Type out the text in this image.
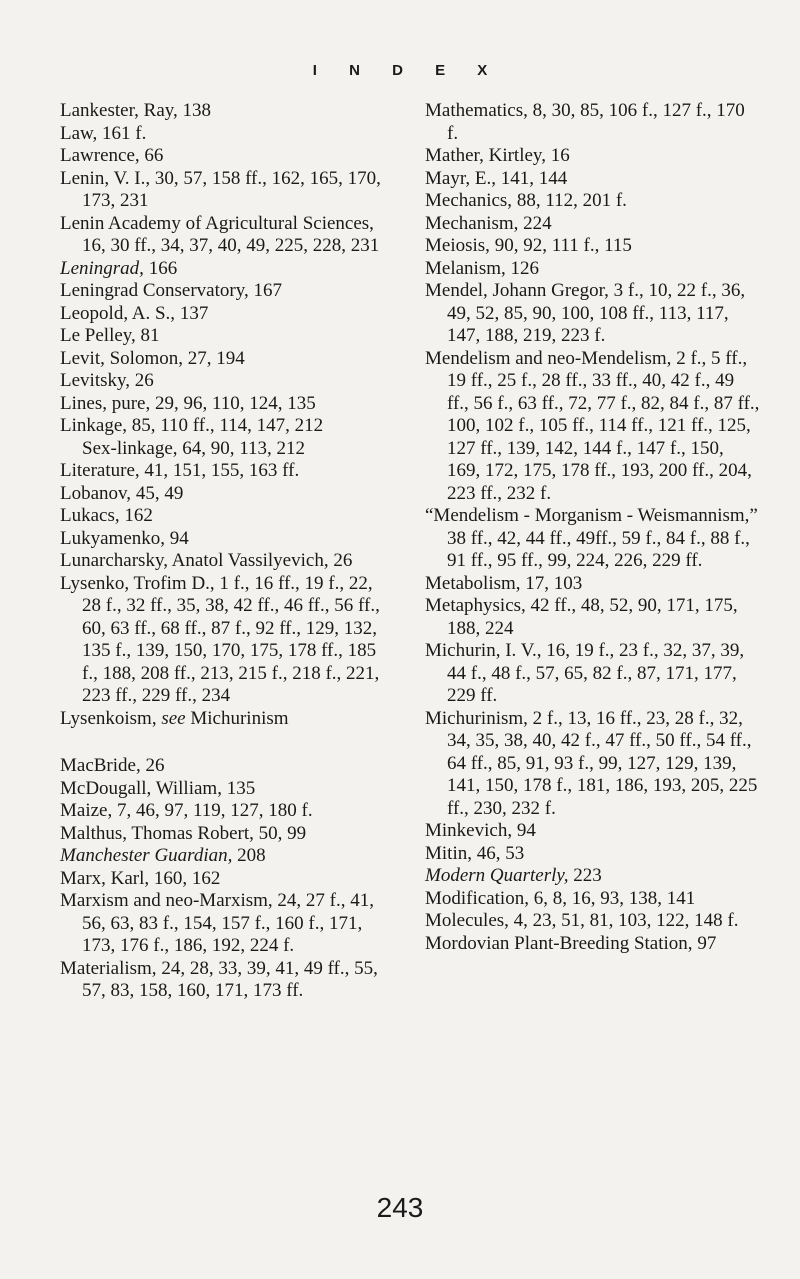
I N D E X
Lankester, Ray, 138
Law, 161 f.
Lawrence, 66
Lenin, V. I., 30, 57, 158 ff., 162, 165, 170, 173, 231
Lenin Academy of Agricultural Sciences, 16, 30 ff., 34, 37, 40, 49, 225, 228, 231
Leningrad, 166
Leningrad Conservatory, 167
Leopold, A. S., 137
Le Pelley, 81
Levit, Solomon, 27, 194
Levitsky, 26
Lines, pure, 29, 96, 110, 124, 135
Linkage, 85, 110 ff., 114, 147, 212
Sex-linkage, 64, 90, 113, 212
Literature, 41, 151, 155, 163 ff.
Lobanov, 45, 49
Lukacs, 162
Lukyamenko, 94
Lunarcharsky, Anatol Vassilyevich, 26
Lysenko, Trofim D., 1 f., 16 ff., 19 f., 22, 28 f., 32 ff., 35, 38, 42 ff., 46 ff., 56 ff., 60, 63 ff., 68 ff., 87 f., 92 ff., 129, 132, 135 f., 139, 150, 170, 175, 178 ff., 185 f., 188, 208 ff., 213, 215 f., 218 f., 221, 223 ff., 229 ff., 234
Lysenkoism, see Michurinism
MacBride, 26
McDougall, William, 135
Maize, 7, 46, 97, 119, 127, 180 f.
Malthus, Thomas Robert, 50, 99
Manchester Guardian, 208
Marx, Karl, 160, 162
Marxism and neo-Marxism, 24, 27 f., 41, 56, 63, 83 f., 154, 157 f., 160 f., 171, 173, 176 f., 186, 192, 224 f.
Materialism, 24, 28, 33, 39, 41, 49 ff., 55, 57, 83, 158, 160, 171, 173 ff.
Mathematics, 8, 30, 85, 106 f., 127 f., 170 f.
Mather, Kirtley, 16
Mayr, E., 141, 144
Mechanics, 88, 112, 201 f.
Mechanism, 224
Meiosis, 90, 92, 111 f., 115
Melanism, 126
Mendel, Johann Gregor, 3 f., 10, 22 f., 36, 49, 52, 85, 90, 100, 108 ff., 113, 117, 147, 188, 219, 223 f.
Mendelism and neo-Mendelism, 2 f., 5 ff., 19 ff., 25 f., 28 ff., 33 ff., 40, 42 f., 49 ff., 56 f., 63 ff., 72, 77 f., 82, 84 f., 87 ff., 100, 102 f., 105 ff., 114 ff., 121 ff., 125, 127 ff., 139, 142, 144 f., 147 f., 150, 169, 172, 175, 178 ff., 193, 200 ff., 204, 223 ff., 232 f.
“Mendelism - Morganism - Weismannism,” 38 ff., 42, 44 ff., 49ff., 59 f., 84 f., 88 f., 91 ff., 95 ff., 99, 224, 226, 229 ff.
Metabolism, 17, 103
Metaphysics, 42 ff., 48, 52, 90, 171, 175, 188, 224
Michurin, I. V., 16, 19 f., 23 f., 32, 37, 39, 44 f., 48 f., 57, 65, 82 f., 87, 171, 177, 229 ff.
Michurinism, 2 f., 13, 16 ff., 23, 28 f., 32, 34, 35, 38, 40, 42 f., 47 ff., 50 ff., 54 ff., 64 ff., 85, 91, 93 f., 99, 127, 129, 139, 141, 150, 178 f., 181, 186, 193, 205, 225 ff., 230, 232 f.
Minkevich, 94
Mitin, 46, 53
Modern Quarterly, 223
Modification, 6, 8, 16, 93, 138, 141
Molecules, 4, 23, 51, 81, 103, 122, 148 f.
Mordovian Plant-Breeding Station, 97
243
